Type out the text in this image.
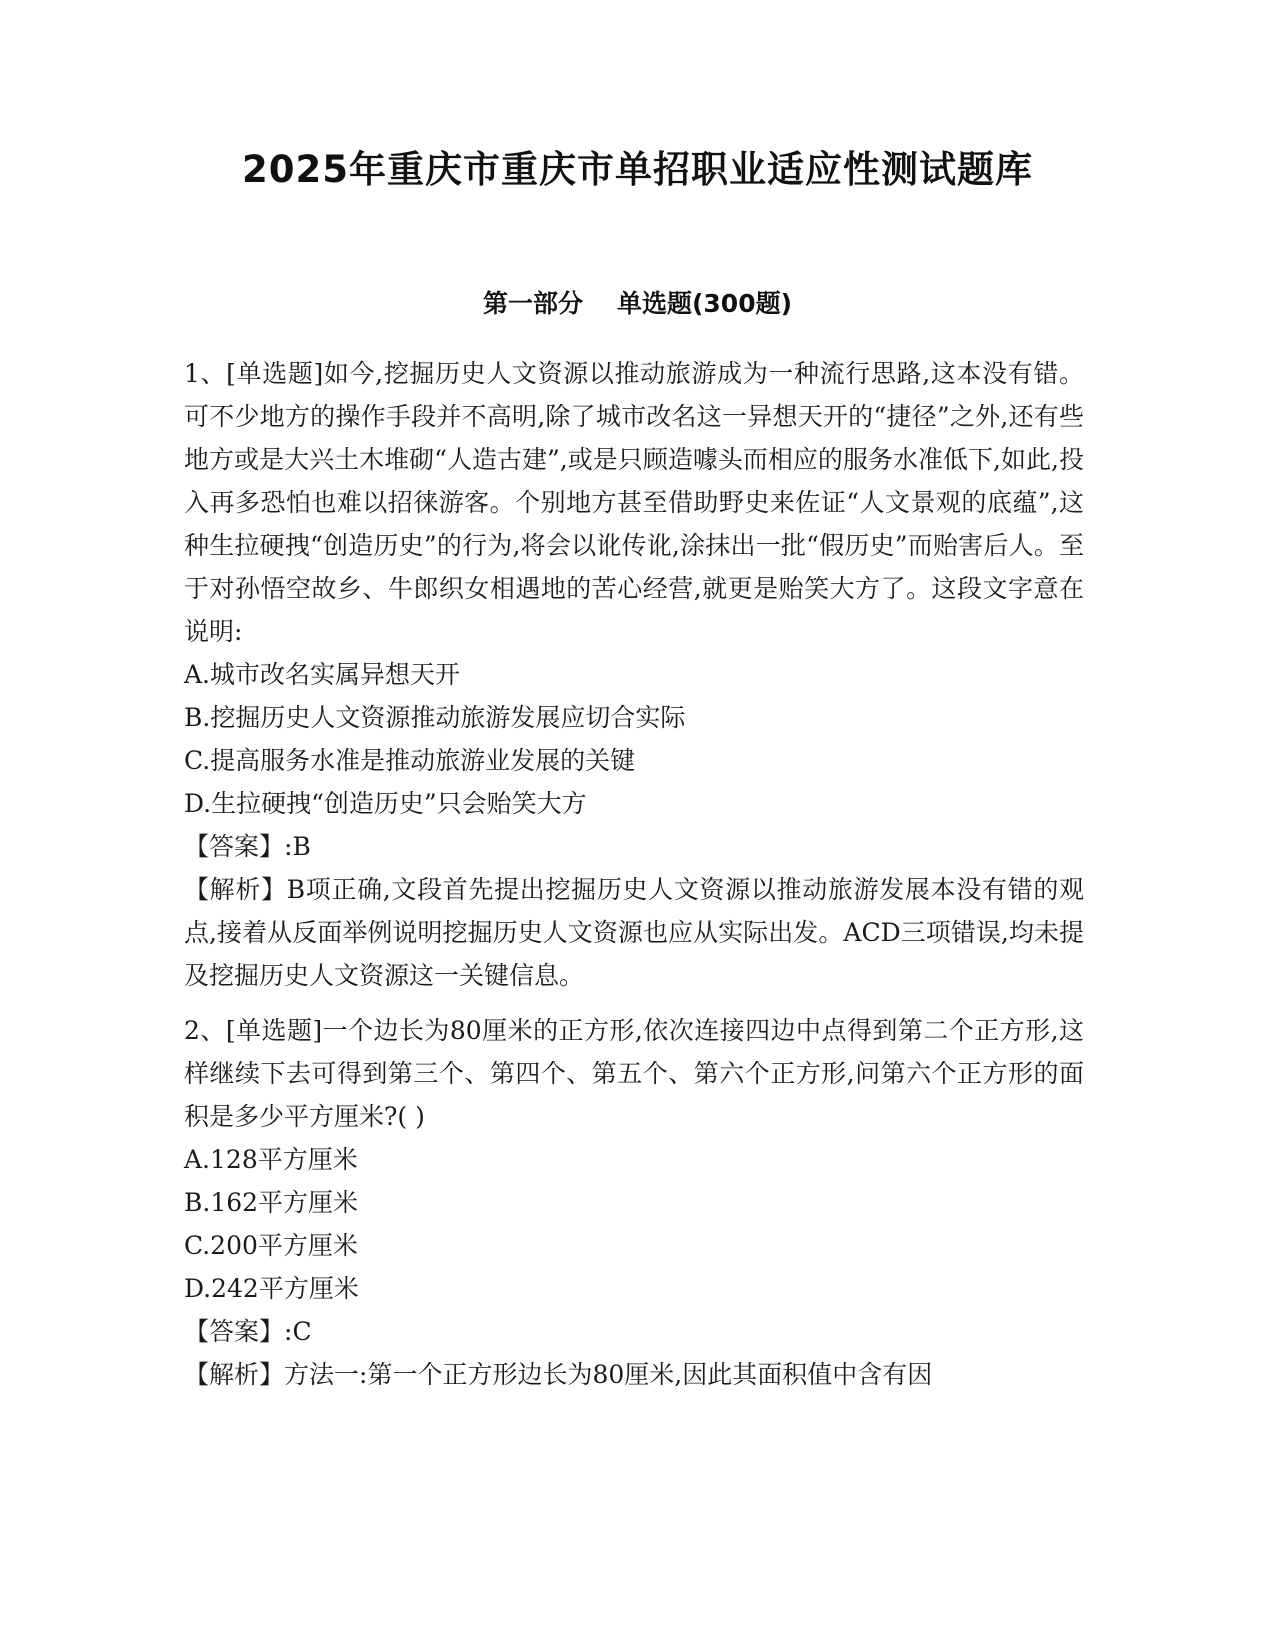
2025年重庆市重庆市单招职业适应性测试题库
第一部分 单选题(300题)

1、[单选题]如今,挖掘历史人文资源以推动旅游成为一种流行思路,这本没有错。可不少地方的操作手段并不高明,除了城市改名这一异想天开的“捷径”之外,还有些地方或是大兴土木堆砌“人造古建”,或是只顾造噱头而相应的服务水准低下,如此,投入再多恐怕也难以招徕游客。个别地方甚至借助野史来佐证“人文景观的底蕴”,这种生拉硬拽“创造历史”的行为,将会以讹传讹,涂抹出一批“假历史”而贻害后人。至于对孙悟空故乡、牛郎织女相遇地的苦心经营,就更是贻笑大方了。这段文字意在说明:

A.城市改名实属异想天开
B.挖掘历史人文资源推动旅游发展应切合实际
C.提高服务水准是推动旅游业发展的关键
D.生拉硬拽“创造历史”只会贻笑大方
【答案】:B

【解析】B项正确,文段首先提出挖掘历史人文资源以推动旅游发展本没有错的观点,接着从反面举例说明挖掘历史人文资源也应从实际出发。ACD三项错误,均未提及挖掘历史人文资源这一关键信息。

2、[单选题]一个边长为80厘米的正方形,依次连接四边中点得到第二个正方形,这样继续下去可得到第三个、第四个、第五个、第六个正方形,问第六个正方形的面积是多少平方厘米?( )

A.128平方厘米
B.162平方厘米
C.200平方厘米
D.242平方厘米
【答案】:C

【解析】方法一:第一个正方形边长为80厘米,因此其面积值中含有因
